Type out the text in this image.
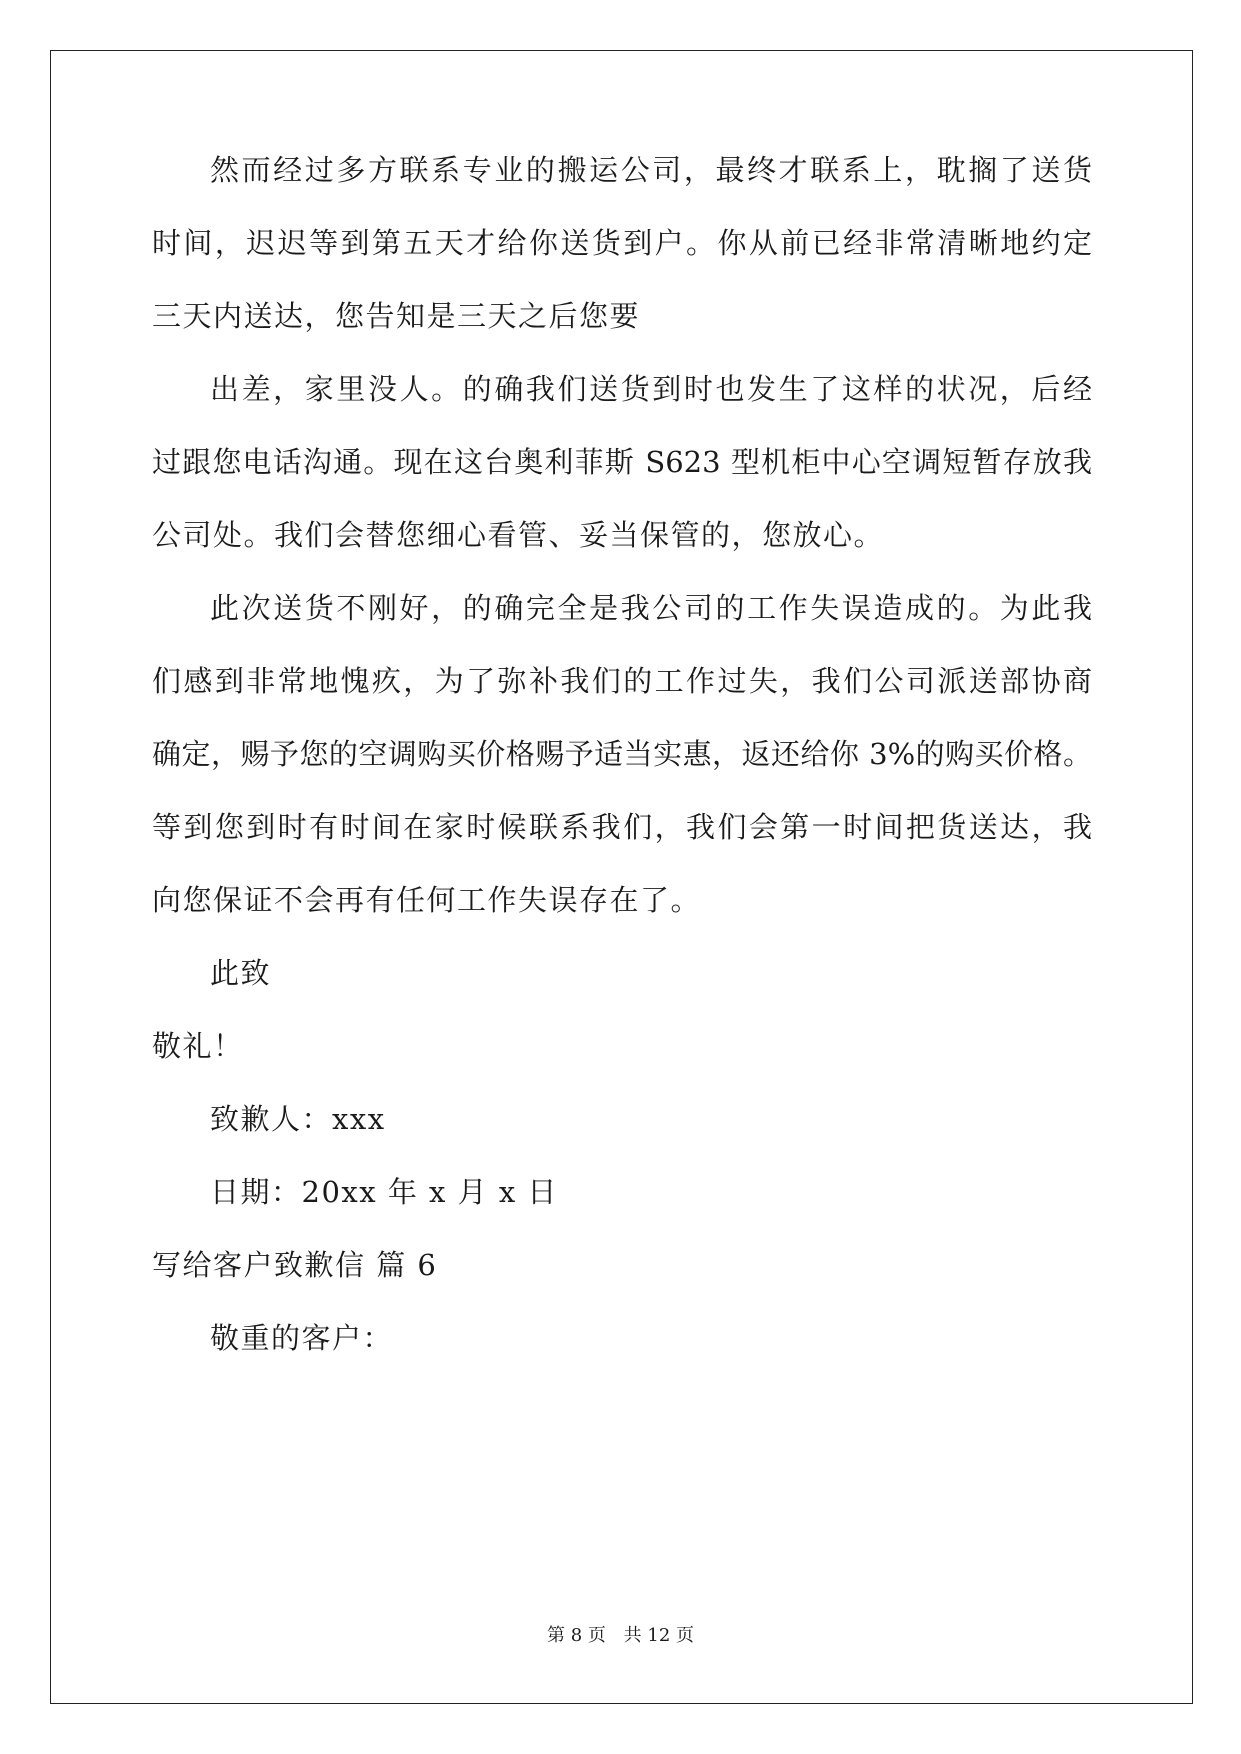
然而经过多方联系专业的搬运公司，最终才联系上，耽搁了送货
时间，迟迟等到第五天才给你送货到户。你从前已经非常清晰地约定
三天内送达，您告知是三天之后您要
出差，家里没人。的确我们送货到时也发生了这样的状况，后经
过跟您电话沟通。现在这台奥利菲斯 S623 型机柜中心空调短暂存放我
公司处。我们会替您细心看管、妥当保管的，您放心。
此次送货不刚好，的确完全是我公司的工作失误造成的。为此我
们感到非常地愧疚，为了弥补我们的工作过失，我们公司派送部协商
确定，赐予您的空调购买价格赐予适当实惠，返还给你 3%的购买价格。
等到您到时有时间在家时候联系我们，我们会第一时间把货送达，我
向您保证不会再有任何工作失误存在了。
此致
敬礼！
致歉人：xxx
日期：20xx 年 x 月 x 日
写给客户致歉信 篇 6
敬重的客户：
第 8 页 共 12 页
